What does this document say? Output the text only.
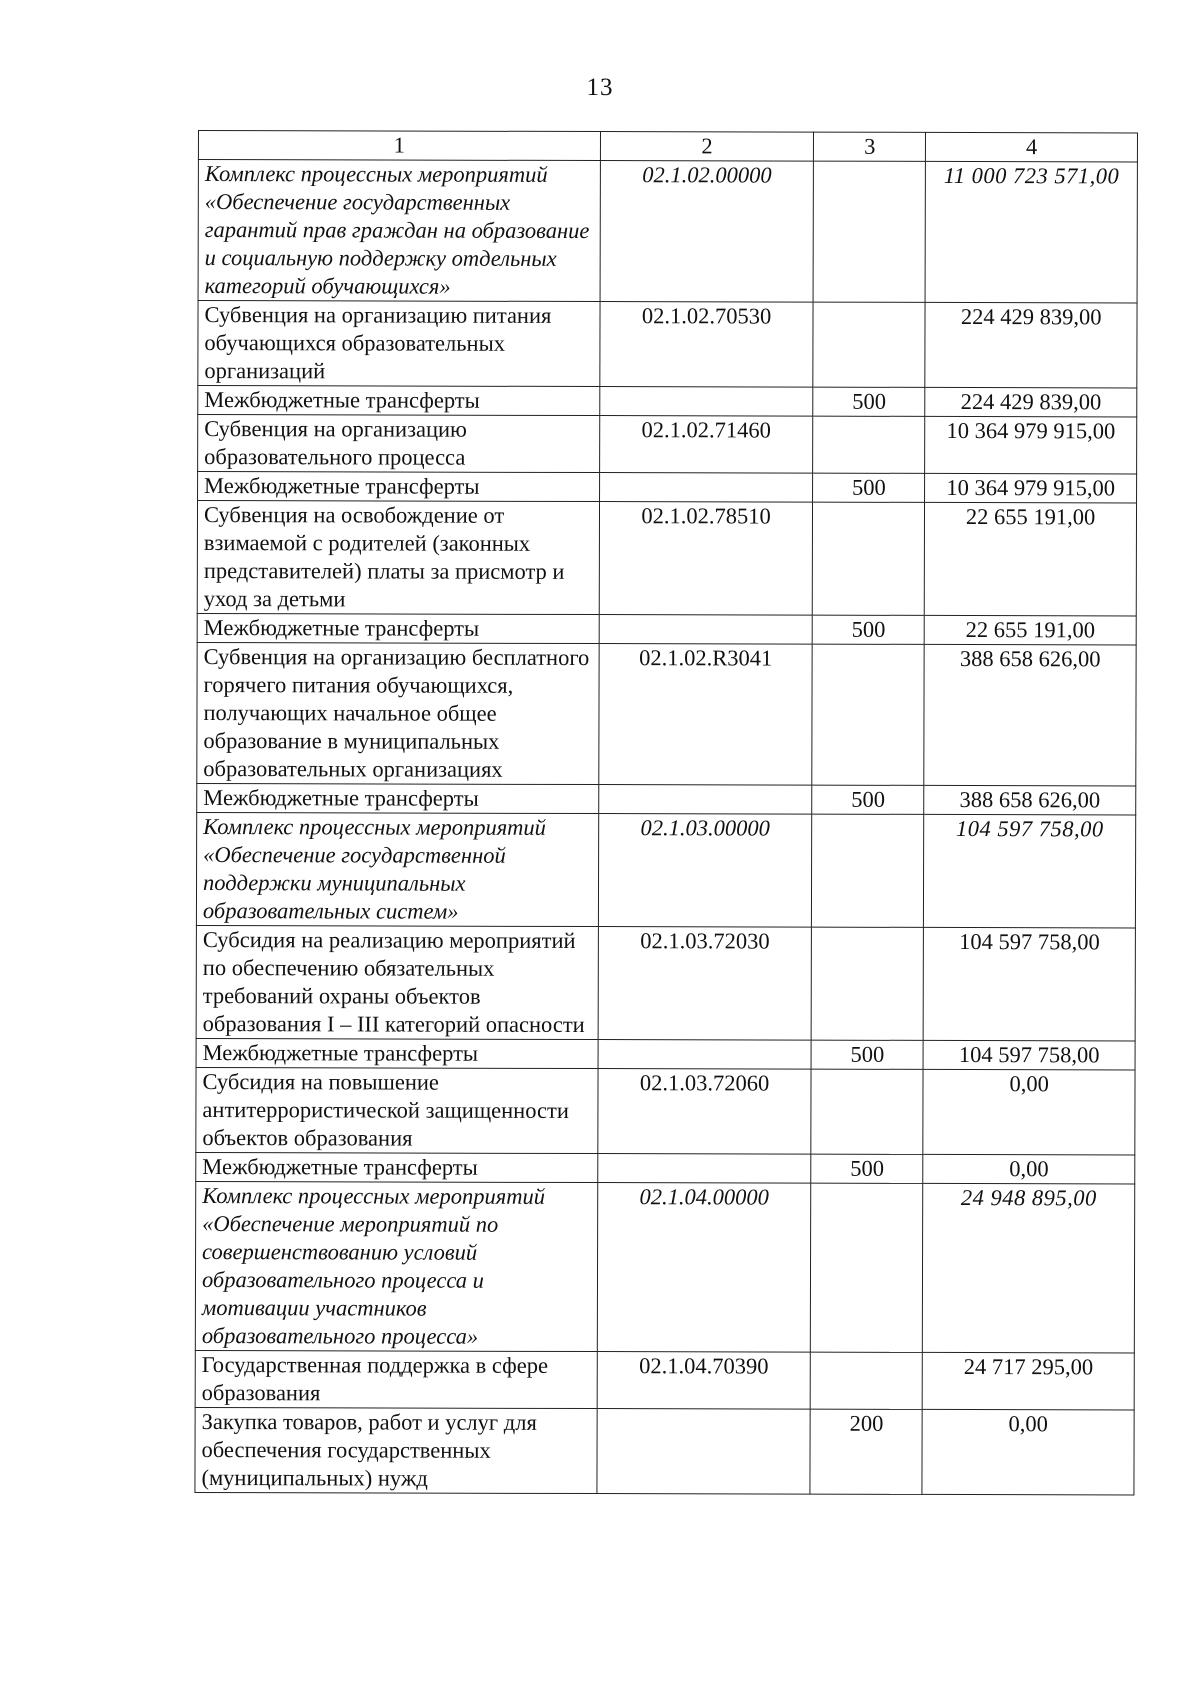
13
1	2	3	4
Комплекс процессных мероприятий «Обеспечение государственных гарантий прав граждан на образование и социальную поддержку отдельных категорий обучающихся»	02.1.02.00000		11 000 723 571,00
Субвенция на организацию питания обучающихся образовательных организаций	02.1.02.70530		224 429 839,00
Межбюджетные трансферты		500	224 429 839,00
Субвенция на организацию образовательного процесса	02.1.02.71460		10 364 979 915,00
Межбюджетные трансферты		500	10 364 979 915,00
Субвенция на освобождение от взимаемой с родителей (законных представителей) платы за присмотр и уход за детьми	02.1.02.78510		22 655 191,00
Межбюджетные трансферты		500	22 655 191,00
Субвенция на организацию бесплатного горячего питания обучающихся, получающих начальное общее образование в муниципальных образовательных организациях	02.1.02.R3041		388 658 626,00
Межбюджетные трансферты		500	388 658 626,00
Комплекс процессных мероприятий «Обеспечение государственной поддержки муниципальных образовательных систем»	02.1.03.00000		104 597 758,00
Субсидия на реализацию мероприятий по обеспечению обязательных требований охраны объектов образования I – III категорий опасности	02.1.03.72030		104 597 758,00
Межбюджетные трансферты		500	104 597 758,00
Субсидия на повышение антитеррористической защищенности объектов образования	02.1.03.72060		0,00
Межбюджетные трансферты		500	0,00
Комплекс процессных мероприятий «Обеспечение мероприятий по совершенствованию условий образовательного процесса и мотивации участников образовательного процесса»	02.1.04.00000		24 948 895,00
Государственная поддержка в сфере образования	02.1.04.70390		24 717 295,00
Закупка товаров, работ и услуг для обеспечения государственных (муниципальных) нужд		200	0,00
